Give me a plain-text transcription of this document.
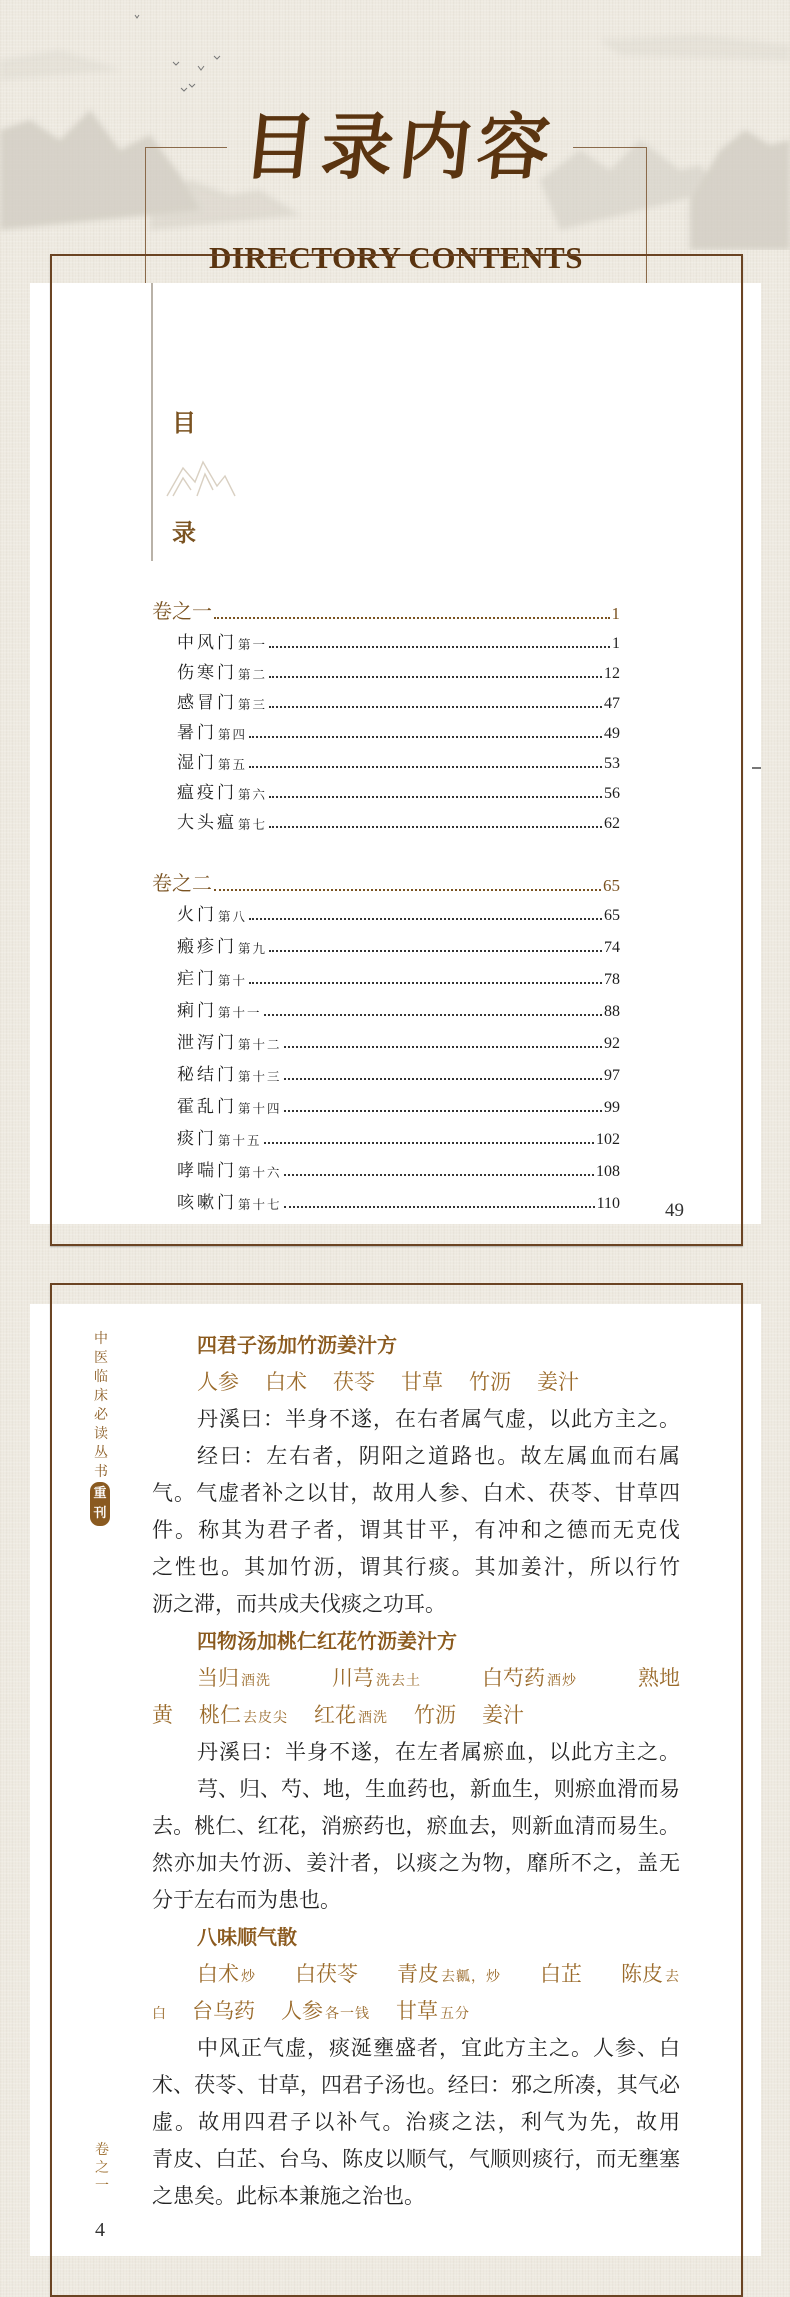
目录内容
DIRECTORY CONTENTS
目
录
卷之一	1
中风门 第一	1
伤寒门 第二	12
感冒门 第三	47
暑门 第四	49
湿门 第五	53
瘟疫门 第六	56
大头瘟 第七	62
卷之二	65
火门 第八	65
瘢疹门 第九	74
疟门 第十	78
痢门 第十一	88
泄泻门 第十二	92
秘结门 第十三	97
霍乱门 第十四	99
痰门 第十五	102
哮喘门 第十六	108
咳嗽门 第十七	110 49
中
医
临
床
必
读
丛
书
重刊
卷
之
一
4
四君子汤加竹沥姜汁方
人参 白术 茯苓 甘草 竹沥 姜汁
丹溪曰：半身不遂，在右者属气虚，以此方主之。
经曰：左右者，阴阳之道路也。故左属血而右属
气。气虚者补之以甘，故用人参、白术、茯苓、甘草四
件。称其为君子者，谓其甘平，有冲和之德而无克伐
之性也。其加竹沥，谓其行痰。其加姜汁，所以行竹
沥之滞，而共成夫伐痰之功耳。
四物汤加桃仁红花竹沥姜汁方
当归 酒洗	川芎 洗去土	白芍药 酒炒	熟地
黄 桃仁 去皮尖 红花 酒洗 竹沥 姜汁
丹溪曰：半身不遂，在左者属瘀血，以此方主之。
芎、归、芍、地，生血药也，新血生，则瘀血滑而易
去。桃仁、红花，消瘀药也，瘀血去，则新血清而易生。
然亦加夫竹沥、姜汁者，以痰之为物，靡所不之，盖无
分于左右而为患也。
八味顺气散
白术 炒 白茯苓 青皮 去瓤，炒 白芷 陈皮 去
白 台乌药 人参 各一钱 甘草 五分
中风正气虚，痰涎壅盛者，宜此方主之。人参、白
术、茯苓、甘草，四君子汤也。经曰：邪之所凑，其气必
虚。故用四君子以补气。治痰之法，利气为先，故用
青皮、白芷、台乌、陈皮以顺气，气顺则痰行，而无壅塞
之患矣。此标本兼施之治也。
